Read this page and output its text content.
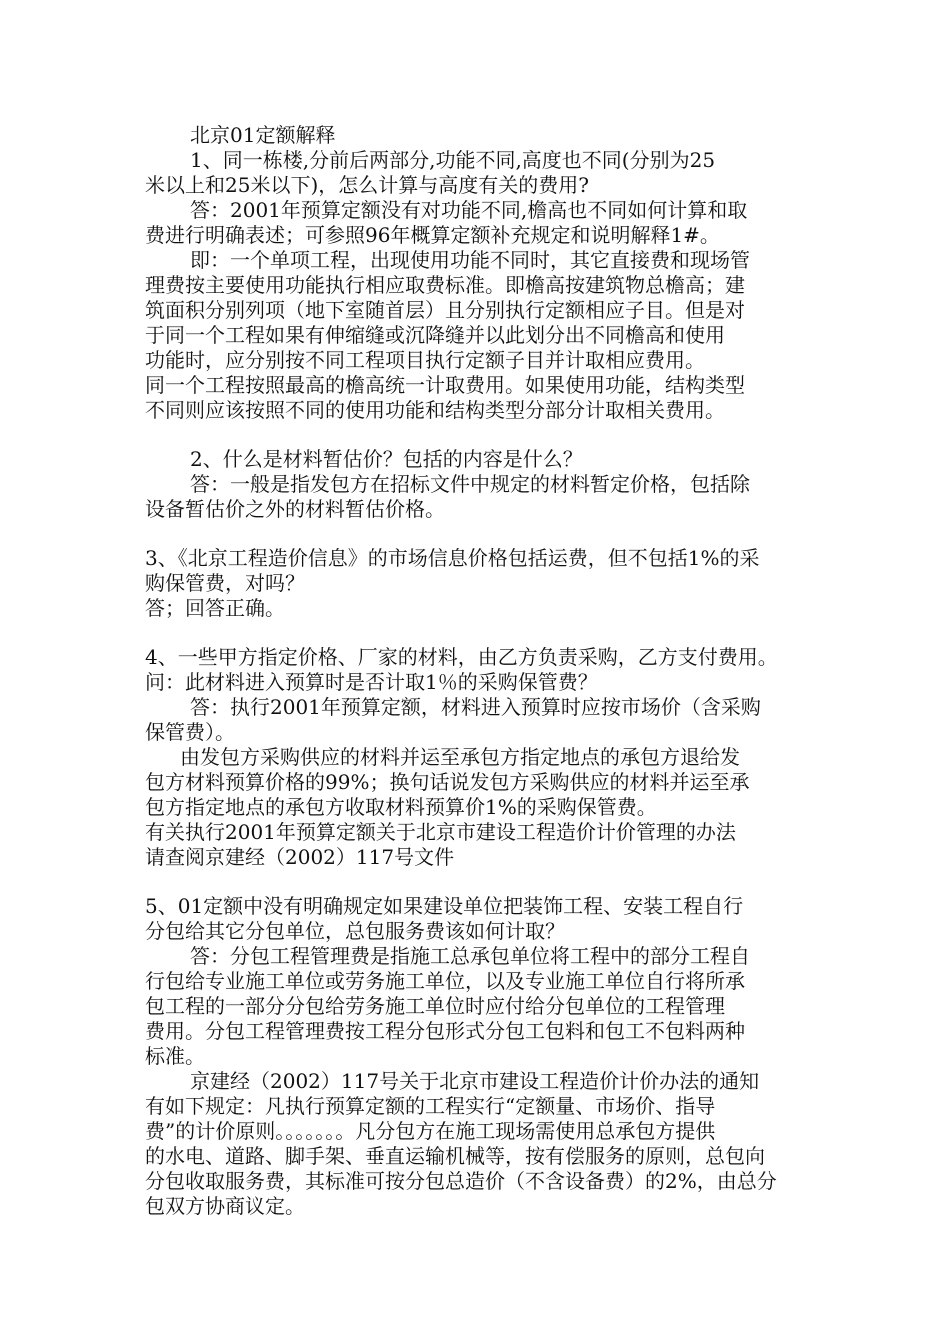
北京01定额解释
1、同一栋楼,分前后两部分,功能不同,高度也不同(分别为25
米以上和25米以下)，怎么计算与高度有关的费用?
答：2001年预算定额没有对功能不同,檐高也不同如何计算和取
费进行明确表述；可参照96年概算定额补充规定和说明解释1#。
即：一个单项工程，出现使用功能不同时，其它直接费和现场管
理费按主要使用功能执行相应取费标准。即檐高按建筑物总檐高；建
筑面积分别列项（地下室随首层）且分别执行定额相应子目。但是对
于同一个工程如果有伸缩缝或沉降缝并以此划分出不同檐高和使用
功能时，应分别按不同工程项目执行定额子目并计取相应费用。
同一个工程按照最高的檐高统一计取费用。如果使用功能，结构类型
不同则应该按照不同的使用功能和结构类型分部分计取相关费用。
2、什么是材料暂估价？包括的内容是什么？
答：一般是指发包方在招标文件中规定的材料暂定价格，包括除
设备暂估价之外的材料暂估价格。
3、《北京工程造价信息》的市场信息价格包括运费，但不包括1%的采
购保管费，对吗？
答；回答正确。
4、一些甲方指定价格、厂家的材料，由乙方负责采购，乙方支付费用。
问：此材料进入预算时是否计取1％的采购保管费？
答：执行2001年预算定额，材料进入预算时应按市场价（含采购
保管费）。
由发包方采购供应的材料并运至承包方指定地点的承包方退给发
包方材料预算价格的99%；换句话说发包方采购供应的材料并运至承
包方指定地点的承包方收取材料预算价1%的采购保管费。
有关执行2001年预算定额关于北京市建设工程造价计价管理的办法
请查阅京建经（2002）117号文件
5、01定额中没有明确规定如果建设单位把装饰工程、安装工程自行
分包给其它分包单位，总包服务费该如何计取？
答：分包工程管理费是指施工总承包单位将工程中的部分工程自
行包给专业施工单位或劳务施工单位，以及专业施工单位自行将所承
包工程的一部分分包给劳务施工单位时应付给分包单位的工程管理
费用。分包工程管理费按工程分包形式分包工包料和包工不包料两种
标准。
京建经（2002）117号关于北京市建设工程造价计价办法的通知
有如下规定：凡执行预算定额的工程实行“定额量、市场价、指导
费”的计价原则。。。。。。。凡分包方在施工现场需使用总承包方提供
的水电、道路、脚手架、垂直运输机械等，按有偿服务的原则，总包向
分包收取服务费，其标准可按分包总造价（不含设备费）的2%，由总分
包双方协商议定。
